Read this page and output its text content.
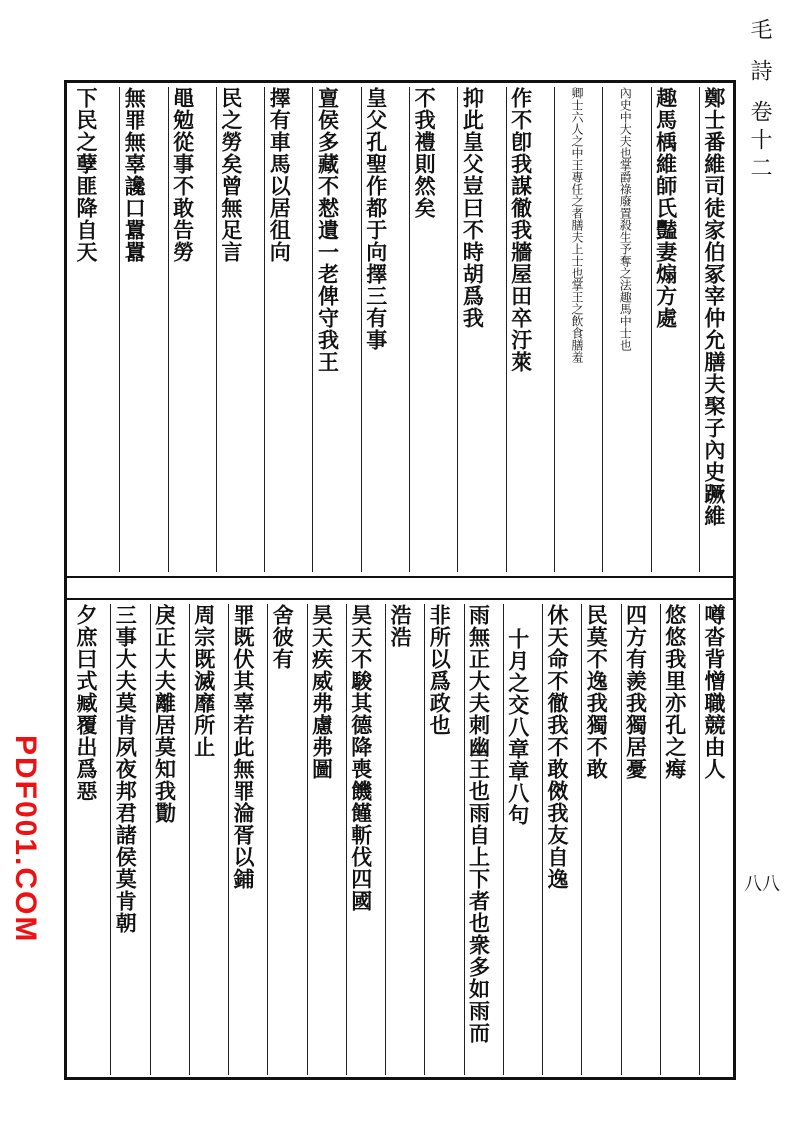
毛 詩 卷十二
鄭士番維司徒家伯冢宰仲允膳夫棸子內史蹶維
趣馬楀維師氏豔妻煽方處
內史中大夫也掌爵祿廢置殺生予奪之法趣馬中士也
卿士六人之中王專任之者膳夫上士也掌王之飲食膳羞
作不卽我謀徹我牆屋田卒汙萊
抑此皇父豈曰不時胡爲我
不我禮則然矣
皇父孔聖作都于向擇三有事
亶侯多藏不慭遺一老俾守我王
擇有車馬以居徂向
民之勞矣曾無足言
黽勉從事不敢告勞
無罪無辜讒口囂囂
下民之孽匪降自天
噂沓背憎職競由人
悠悠我里亦孔之痗
四方有羨我獨居憂
民莫不逸我獨不敢
休天命不徹我不敢傚我友自逸
十月之交八章章八句
雨無正大夫刺幽王也雨自上下者也衆多如雨而
非所以爲政也
浩浩
昊天不駿其德降喪饑饉斬伐四國
昊天疾威弗慮弗圖
舍彼有
罪既伏其辜若此無罪淪胥以鋪
周宗既滅靡所止
戾正大夫離居莫知我勩
三事大夫莫肯夙夜邦君諸侯莫肯朝
夕庶曰式臧覆出爲惡
PDF001.COM	八八
